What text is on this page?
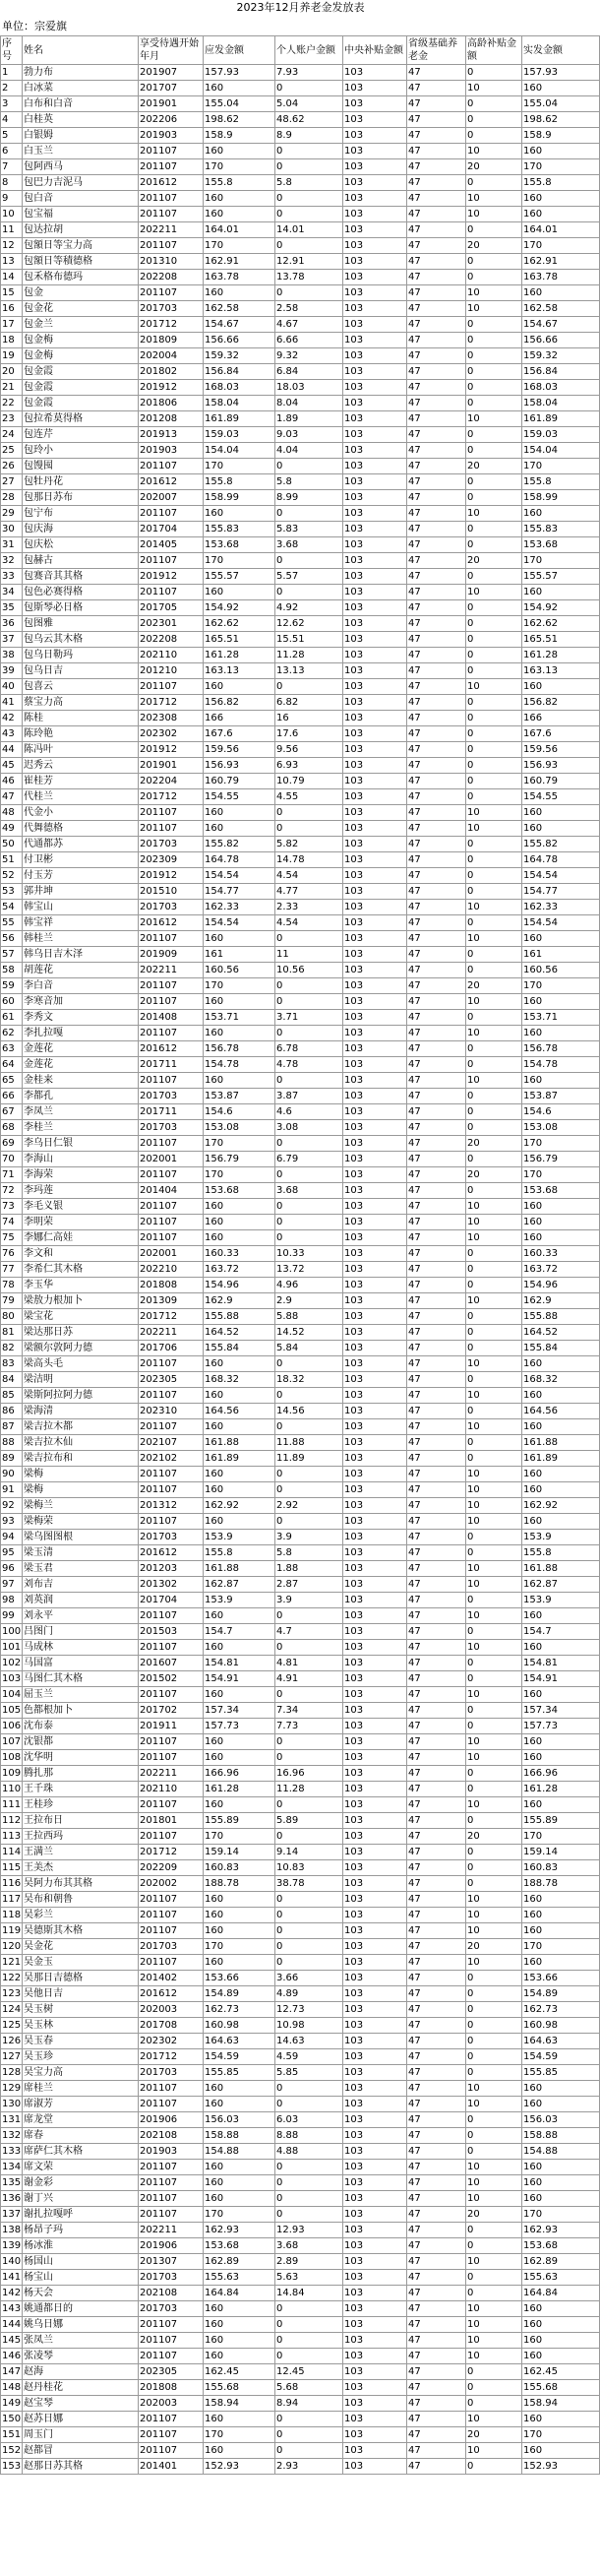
2023年12月养老金发放表
单位：宗爱旗
序号	姓名	享受待遇开始年月	应发金额	个人账户金额	中央补贴金额	省级基础养老金	高龄补贴金额	实发金额
1	勃力布	201907	157.93	7.93	103	47	0	157.93
2	白冰菜	201707	160	0	103	47	10	160
3	白布和白音	201901	155.04	5.04	103	47	0	155.04
4	白桂英	202206	198.62	48.62	103	47	0	198.62
5	白银姆	201903	158.9	8.9	103	47	0	158.9
6	白玉兰	201107	160	0	103	47	10	160
7	包阿西马	201107	170	0	103	47	20	170
8	包巴力吉泥马	201612	155.8	5.8	103	47	0	155.8
9	包白音	201107	160	0	103	47	10	160
10	包宝福	201107	160	0	103	47	10	160
11	包达拉胡	202211	164.01	14.01	103	47	0	164.01
12	包額日等宝力高	201107	170	0	103	47	20	170
13	包額日等積德格	201310	162.91	12.91	103	47	0	162.91
14	包禾格布德玛	202208	163.78	13.78	103	47	0	163.78
15	包金	201107	160	0	103	47	10	160
16	包金花	201703	162.58	2.58	103	47	10	162.58
17	包金兰	201712	154.67	4.67	103	47	0	154.67
18	包金梅	201809	156.66	6.66	103	47	0	156.66
19	包金梅	202004	159.32	9.32	103	47	0	159.32
20	包金霞	201802	156.84	6.84	103	47	0	156.84
21	包金霞	201912	168.03	18.03	103	47	0	168.03
22	包金霞	201806	158.04	8.04	103	47	0	158.04
23	包拉希莫得格	201208	161.89	1.89	103	47	10	161.89
24	包连芹	201913	159.03	9.03	103	47	0	159.03
25	包玲小	201903	154.04	4.04	103	47	0	154.04
26	包馒囤	201107	170	0	103	47	20	170
27	包牡丹花	201612	155.8	5.8	103	47	0	155.8
28	包那日苏布	202007	158.99	8.99	103	47	0	158.99
29	包宁布	201107	160	0	103	47	10	160
30	包庆海	201704	155.83	5.83	103	47	0	155.83
31	包庆松	201405	153.68	3.68	103	47	0	153.68
32	包赫古	201107	170	0	103	47	20	170
33	包赛音其其格	201912	155.57	5.57	103	47	0	155.57
34	包色必赛得格	201107	160	0	103	47	10	160
35	包斯琴必日格	201705	154.92	4.92	103	47	0	154.92
36	包图雅	202301	162.62	12.62	103	47	0	162.62
37	包乌云其木格	202208	165.51	15.51	103	47	0	165.51
38	包乌日勒玛	202110	161.28	11.28	103	47	0	161.28
39	包乌日吉	201210	163.13	13.13	103	47	0	163.13
40	包喜云	201107	160	0	103	47	10	160
41	蔡宝力高	201712	156.82	6.82	103	47	0	156.82
42	陈桂	202308	166	16	103	47	0	166
43	陈玲艳	202302	167.6	17.6	103	47	0	167.6
44	陈冯叶	201912	159.56	9.56	103	47	0	159.56
45	迟秀云	201901	156.93	6.93	103	47	0	156.93
46	崔桂芳	202204	160.79	10.79	103	47	0	160.79
47	代桂兰	201712	154.55	4.55	103	47	0	154.55
48	代金小	201107	160	0	103	47	10	160
49	代舞德格	201107	160	0	103	47	10	160
50	代通都苏	201703	155.82	5.82	103	47	0	155.82
51	付卫彬	202309	164.78	14.78	103	47	0	164.78
52	付玉芳	201912	154.54	4.54	103	47	0	154.54
53	郭井坤	201510	154.77	4.77	103	47	0	154.77
54	韩宝山	201703	162.33	2.33	103	47	10	162.33
55	韩宝祥	201612	154.54	4.54	103	47	0	154.54
56	韩桂兰	201107	160	0	103	47	10	160
57	韩乌日吉木泽	201909	161	11	103	47	0	161
58	胡莲花	202211	160.56	10.56	103	47	0	160.56
59	李白音	201107	170	0	103	47	20	170
60	李寒音加	201107	160	0	103	47	10	160
61	李秀文	201408	153.71	3.71	103	47	0	153.71
62	李扎拉嘎	201107	160	0	103	47	10	160
63	金莲花	201612	156.78	6.78	103	47	0	156.78
64	金莲花	201711	154.78	4.78	103	47	0	154.78
65	金桂来	201107	160	0	103	47	10	160
66	李都孔	201703	153.87	3.87	103	47	0	153.87
67	李凤兰	201711	154.6	4.6	103	47	0	154.6
68	李桂兰	201703	153.08	3.08	103	47	0	153.08
69	李乌日仁银	201107	170	0	103	47	20	170
70	李海山	202001	156.79	6.79	103	47	0	156.79
71	李海荣	201107	170	0	103	47	20	170
72	李玛莲	201404	153.68	3.68	103	47	0	153.68
73	李毛义银	201107	160	0	103	47	10	160
74	李明荣	201107	160	0	103	47	10	160
75	李娜仁高娃	201107	160	0	103	47	10	160
76	李文和	202001	160.33	10.33	103	47	0	160.33
77	李希仁其木格	202210	163.72	13.72	103	47	0	163.72
78	李玉华	201808	154.96	4.96	103	47	0	154.96
79	梁敖力根加卜	201309	162.9	2.9	103	47	10	162.9
80	梁宝花	201712	155.88	5.88	103	47	0	155.88
81	梁达那日苏	202211	164.52	14.52	103	47	0	164.52
82	梁额尔敦阿力德	201706	155.84	5.84	103	47	0	155.84
83	梁高头毛	201107	160	0	103	47	10	160
84	梁洁明	202305	168.32	18.32	103	47	0	168.32
85	梁斯阿拉阿力德	201107	160	0	103	47	10	160
86	梁海清	202310	164.56	14.56	103	47	0	164.56
87	梁吉拉木都	201107	160	0	103	47	10	160
88	梁吉拉木仙	202107	161.88	11.88	103	47	0	161.88
89	梁吉拉布和	202102	161.89	11.89	103	47	0	161.89
90	梁梅	201107	160	0	103	47	10	160
91	梁梅	201107	160	0	103	47	10	160
92	梁梅兰	201312	162.92	2.92	103	47	10	162.92
93	梁梅荣	201107	160	0	103	47	10	160
94	梁乌图图根	201703	153.9	3.9	103	47	0	153.9
95	梁玉清	201612	155.8	5.8	103	47	0	155.8
96	梁玉君	201203	161.88	1.88	103	47	10	161.88
97	刘布吉	201302	162.87	2.87	103	47	10	162.87
98	刘英润	201704	153.9	3.9	103	47	0	153.9
99	刘永平	201107	160	0	103	47	10	160
100	吕图门	201503	154.7	4.7	103	47	0	154.7
101	马成林	201107	160	0	103	47	10	160
102	马国富	201607	154.81	4.81	103	47	0	154.81
103	马图仁其木格	201502	154.91	4.91	103	47	0	154.91
104	屈玉兰	201107	160	0	103	47	10	160
105	色都根加卜	201702	157.34	7.34	103	47	0	157.34
106	沈布泰	201911	157.73	7.73	103	47	0	157.73
107	沈银都	201107	160	0	103	47	10	160
108	沈华明	201107	160	0	103	47	10	160
109	腾扎那	202211	166.96	16.96	103	47	0	166.96
110	王千珠	202110	161.28	11.28	103	47	0	161.28
111	王桂珍	201107	160	0	103	47	10	160
112	王拉布日	201801	155.89	5.89	103	47	0	155.89
113	王拉西玛	201107	170	0	103	47	20	170
114	王满兰	201712	159.14	9.14	103	47	0	159.14
115	王美杰	202209	160.83	10.83	103	47	0	160.83
116	吴阿力布其其格	202002	188.78	38.78	103	47	0	188.78
117	吴布和朝鲁	201107	160	0	103	47	10	160
118	吴彩兰	201107	160	0	103	47	10	160
119	吴德斯其木格	201107	160	0	103	47	10	160
120	吴金花	201703	170	0	103	47	20	170
121	吴金玉	201107	160	0	103	47	10	160
122	吴那日吉德格	201402	153.66	3.66	103	47	0	153.66
123	吴他日吉	201612	154.89	4.89	103	47	0	154.89
124	吴玉树	202003	162.73	12.73	103	47	0	162.73
125	吴玉林	201708	160.98	10.98	103	47	0	160.98
126	吴玉春	202302	164.63	14.63	103	47	0	164.63
127	吴玉珍	201712	154.59	4.59	103	47	0	154.59
128	吴宝力高	201703	155.85	5.85	103	47	0	155.85
129	席桂兰	201107	160	0	103	47	10	160
130	席淑芳	201107	160	0	103	47	10	160
131	席龙堂	201906	156.03	6.03	103	47	0	156.03
132	席春	202108	158.88	8.88	103	47	0	158.88
133	席萨仁其木格	201903	154.88	4.88	103	47	0	154.88
134	席文荣	201107	160	0	103	47	10	160
135	谢金彩	201107	160	0	103	47	10	160
136	谢丁兴	201107	160	0	103	47	10	160
137	谢扎拉嘎呼	201107	170	0	103	47	20	170
138	杨昂子玛	202211	162.93	12.93	103	47	0	162.93
139	杨冰淮	201906	153.68	3.68	103	47	0	153.68
140	杨国山	201307	162.89	2.89	103	47	10	162.89
141	杨宝山	201703	155.63	5.63	103	47	0	155.63
142	杨天会	202108	164.84	14.84	103	47	0	164.84
143	姚通都日的	201703	160	0	103	47	10	160
144	姚乌日娜	201107	160	0	103	47	10	160
145	张凤兰	201107	160	0	103	47	10	160
146	张凌琴	201107	160	0	103	47	10	160
147	赵海	202305	162.45	12.45	103	47	0	162.45
148	赵丹桂花	201808	155.68	5.68	103	47	0	155.68
149	赵宝琴	202003	158.94	8.94	103	47	0	158.94
150	赵苏日娜	201107	160	0	103	47	10	160
151	周玉门	201107	170	0	103	47	20	170
152	赵都冒	201107	160	0	103	47	10	160
153	赵那日苏其格	201401	152.93	2.93	103	47	0	152.93
